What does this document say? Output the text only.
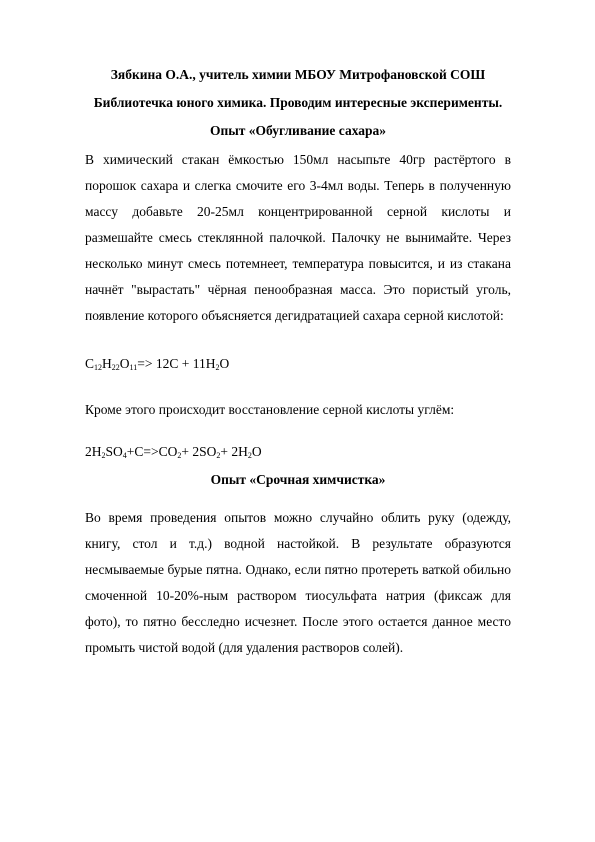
Зябкина О.А., учитель химии МБОУ Митрофановской СОШ

Библиотечка юного химика. Проводим интересные эксперименты.

Опыт «Обугливание сахара»

В химический стакан ёмкостью 150мл насыпьте 40гр растёртого в порошок сахара и слегка смочите его 3-4мл воды. Теперь в полученную массу добавьте 20-25мл концентрированной серной кислоты и размешайте смесь стеклянной палочкой. Палочку не вынимайте. Через несколько минут смесь потемнеет, температура повысится, и из стакана начнёт "вырастать" чёрная пенообразная масса. Это пористый уголь, появление которого объясняется дегидратацией сахара серной кислотой:

$C_{12}H_{22}O_{11}=> 12C + 11H_2O$

Кроме этого происходит восстановление серной кислоты углём:

$2H_2SO_4+C=>CO_2+ 2SO_2+ 2H_2O$

Опыт «Срочная химчистка»

Во время проведения опытов можно случайно облить руку (одежду, книгу, стол и т.д.) водной настойкой. В результате образуются несмываемые бурые пятна. Однако, если пятно протереть ваткой обильно смоченной 10-20%-ным раствором тиосульфата натрия (фиксаж для фото), то пятно бесследно исчезнет. После этого остается данное место промыть чистой водой (для удаления растворов солей).
